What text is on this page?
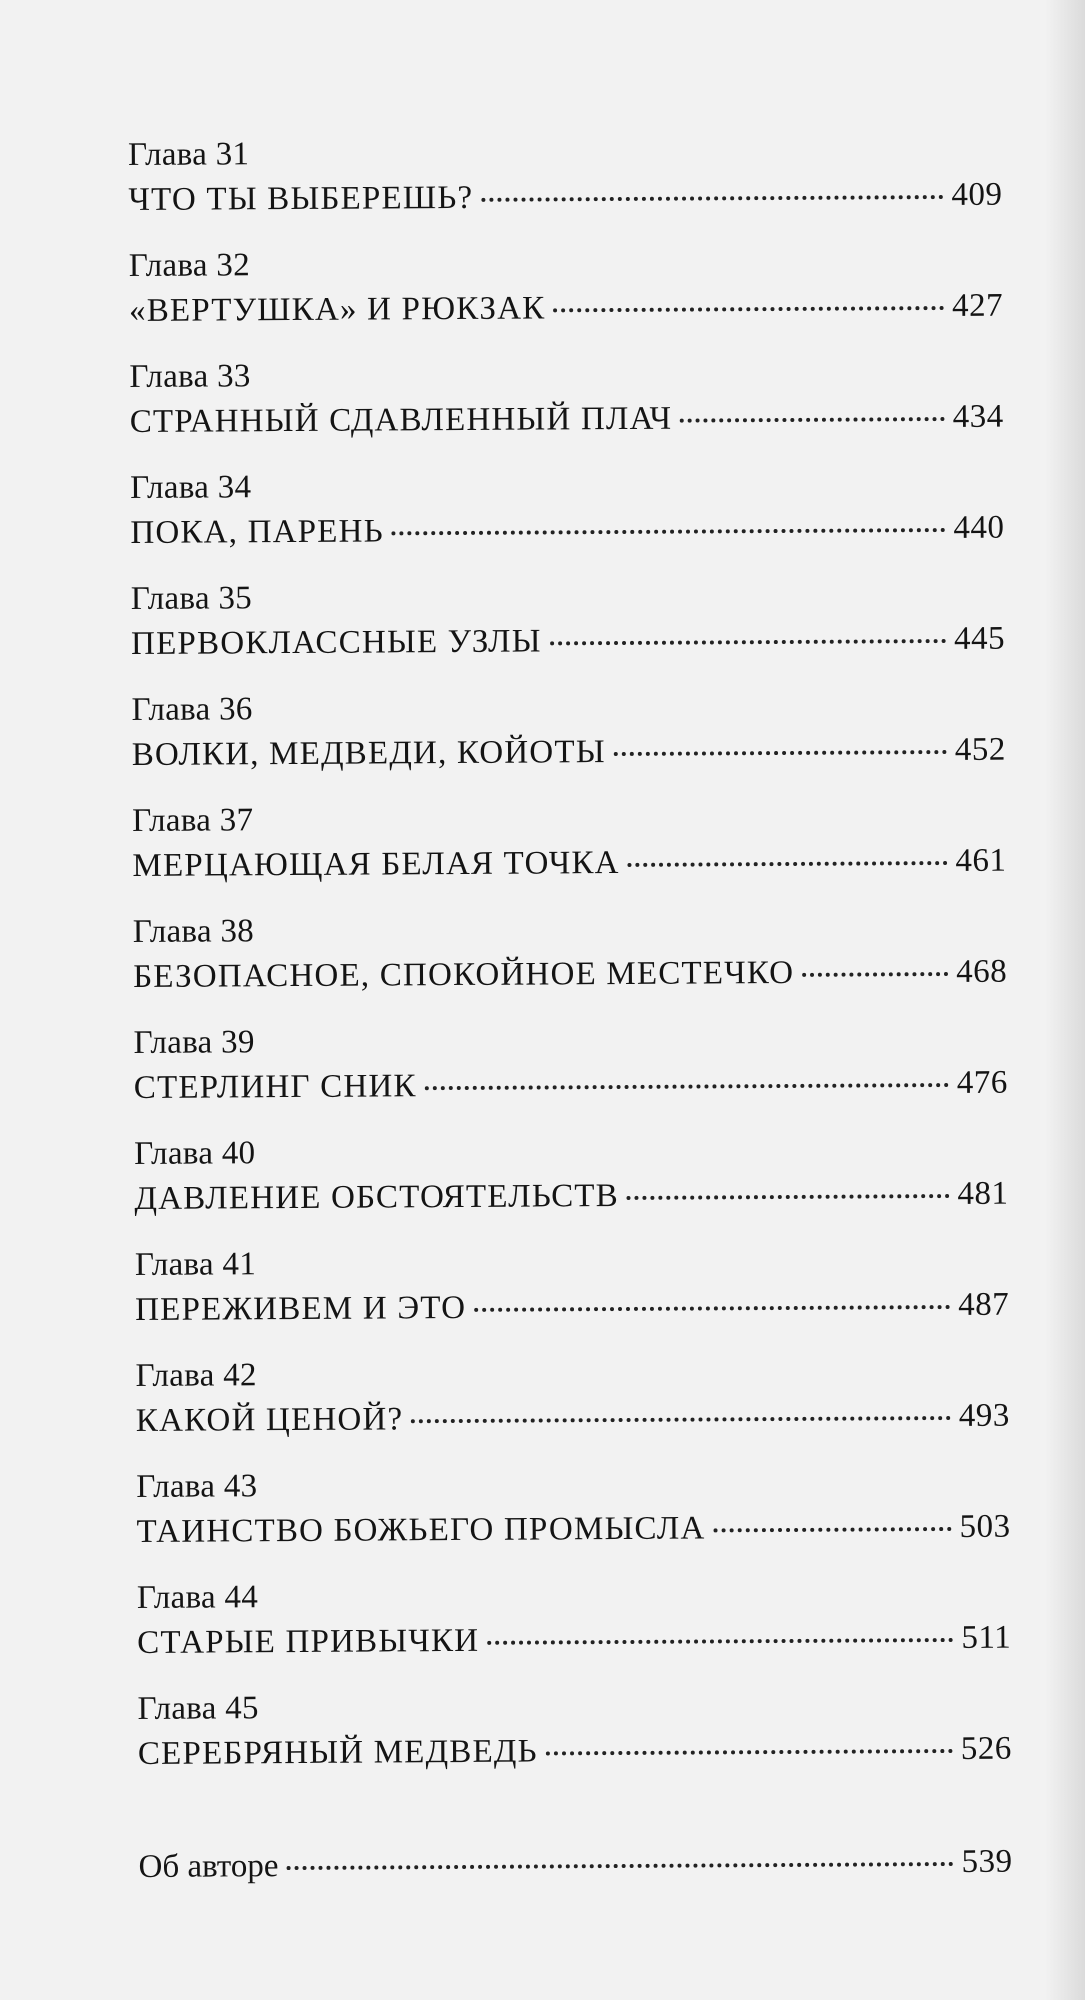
Глава 31
ЧТО ТЫ ВЫБЕРЕШЬ?	409
Глава 32
«ВЕРТУШКА» И РЮКЗАК	427
Глава 33
СТРАННЫЙ СДАВЛЕННЫЙ ПЛАЧ	434
Глава 34
ПОКА, ПАРЕНЬ	440
Глава 35
ПЕРВОКЛАССНЫЕ УЗЛЫ	445
Глава 36
ВОЛКИ, МЕДВЕДИ, КОЙОТЫ	452
Глава 37
МЕРЦАЮЩАЯ БЕЛАЯ ТОЧКА	461
Глава 38
БЕЗОПАСНОЕ, СПОКОЙНОЕ МЕСТЕЧКО	468
Глава 39
СТЕРЛИНГ СНИК	476
Глава 40
ДАВЛЕНИЕ ОБСТОЯТЕЛЬСТВ	481
Глава 41
ПЕРЕЖИВЕМ И ЭТО	487
Глава 42
КАКОЙ ЦЕНОЙ?	493
Глава 43
ТАИНСТВО БОЖЬЕГО ПРОМЫСЛА	503
Глава 44
СТАРЫЕ ПРИВЫЧКИ	511
Глава 45
СЕРЕБРЯНЫЙ МЕДВЕДЬ	526
Об авторе	539
